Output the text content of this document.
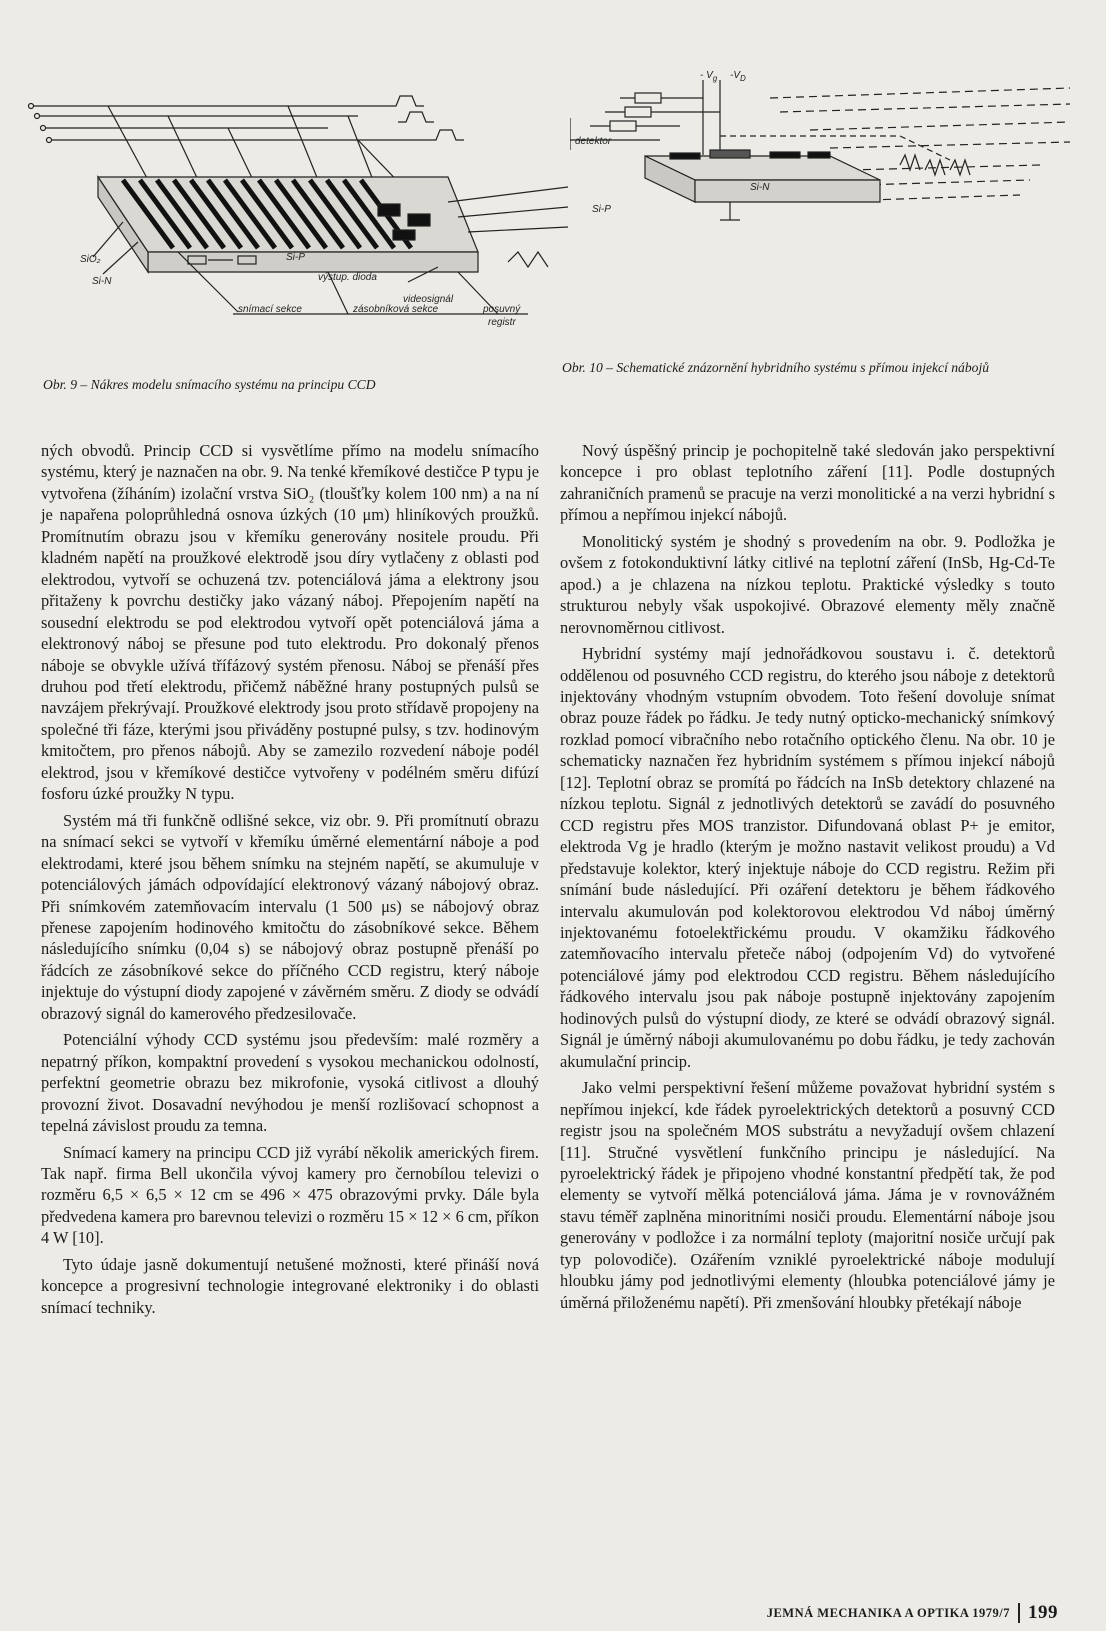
SiO₂
Si-N
Si-P
výstup. dioda
videosignál
snímací sekce	zásobníková sekce	posuvný
registr
Obr. 9 – Nákres modelu snímacího systému na principu CCD
- $V_g$ $-V_D$
detektor
Si-N
Si-P
Obr. 10 – Schematické znázornění hybridního systému s přímou injekcí nábojů

ných obvodů. Princip CCD si vysvětlíme přímo na modelu snímacího systému, který je naznačen na obr. 9. Na tenké křemíkové destičce P typu je vytvořena (žíháním) izolační vrstva SiO₂ (tloušťky kolem 100 nm) a na ní je napařena poloprůhledná osnova úzkých (10 μm) hliníkových proužků. Promítnutím obrazu jsou v křemíku generovány nositele proudu. Při kladném napětí na proužkové elektrodě jsou díry vytlačeny z oblasti pod elektrodou, vytvoří se ochuzená tzv. potenciálová jáma a elektrony jsou přitaženy k povrchu destičky jako vázaný náboj. Přepojením napětí na sousední elektrodu se pod elektrodou vytvoří opět potenciálová jáma a elektronový náboj se přesune pod tuto elektrodu. Pro dokonalý přenos náboje se obvykle užívá třífázový systém přenosu. Náboj se přenáší přes druhou pod třetí elektrodu, přičemž náběžné hrany postupných pulsů se navzájem překrývají. Proužkové elektrody jsou proto střídavě propojeny na společné tři fáze, kterými jsou přiváděny postupné pulsy, s tzv. hodinovým kmitočtem, pro přenos nábojů. Aby se zamezilo rozvedení náboje podél elektrod, jsou v křemíkové destičce vytvořeny v podélném směru difúzí fosforu úzké proužky N typu.

Systém má tři funkčně odlišné sekce, viz obr. 9. Při promítnutí obrazu na snímací sekci se vytvoří v křemíku úměrné elementární náboje a pod elektrodami, které jsou během snímku na stejném napětí, se akumuluje v potenciálových jámách odpovídající elektronový vázaný nábojový obraz. Při snímkovém zatemňovacím intervalu (1 500 μs) se nábojový obraz přenese zapojením hodinového kmitočtu do zásobníkové sekce. Během následujícího snímku (0,04 s) se nábojový obraz postupně přenáší po řádcích ze zásobníkové sekce do příčného CCD registru, který náboje injektuje do výstupní diody zapojené v závěrném směru. Z diody se odvádí obrazový signál do kamerového předzesilovače.

Potenciální výhody CCD systému jsou především: malé rozměry a nepatrný příkon, kompaktní provedení s vysokou mechanickou odolností, perfektní geometrie obrazu bez mikrofonie, vysoká citlivost a dlouhý provozní život. Dosavadní nevýhodou je menší rozlišovací schopnost a tepelná závislost proudu za temna.

Snímací kamery na principu CCD již vyrábí několik amerických firem. Tak např. firma Bell ukončila vývoj kamery pro černobílou televizi o rozměru 6,5 × 6,5 × 12 cm se 496 × 475 obrazovými prvky. Dále byla předvedena kamera pro barevnou televizi o rozměru 15 × 12 × 6 cm, příkon 4 W [10].

Tyto údaje jasně dokumentují netušené možnosti, které přináší nová koncepce a progresivní technologie integrované elektroniky i do oblasti snímací techniky.

Nový úspěšný princip je pochopitelně také sledován jako perspektivní koncepce i pro oblast teplotního záření [11]. Podle dostupných zahraničních pramenů se pracuje na verzi monolitické a na verzi hybridní s přímou a nepřímou injekcí nábojů.

Monolitický systém je shodný s provedením na obr. 9. Podložka je ovšem z fotokonduktivní látky citlivé na teplotní záření (InSb, Hg-Cd-Te apod.) a je chlazena na nízkou teplotu. Praktické výsledky s touto strukturou nebyly však uspokojivé. Obrazové elementy měly značně nerovnoměrnou citlivost.

Hybridní systémy mají jednořádkovou soustavu i. č. detektorů oddělenou od posuvného CCD registru, do kterého jsou náboje z detektorů injektovány vhodným vstupním obvodem. Toto řešení dovoluje snímat obraz pouze řádek po řádku. Je tedy nutný opticko-mechanický snímkový rozklad pomocí vibračního nebo rotačního optického členu. Na obr. 10 je schematicky naznačen řez hybridním systémem s přímou injekcí nábojů [12]. Teplotní obraz se promítá po řádcích na InSb detektory chlazené na nízkou teplotu. Signál z jednotlivých detektorů se zavádí do posuvného CCD registru přes MOS tranzistor. Difundovaná oblast P+ je emitor, elektroda Vg je hradlo (kterým je možno nastavit velikost proudu) a Vd představuje kolektor, který injektuje náboje do CCD registru. Režim při snímání bude následující. Při ozáření detektoru je během řádkového intervalu akumulován pod kolektorovou elektrodou Vd náboj úměrný injektovanému fotoelektřickému proudu. V okamžiku řádkového zatemňovacího intervalu přeteče náboj (odpojením Vd) do vytvořené potenciálové jámy pod elektrodou CCD registru. Během následujícího řádkového intervalu jsou pak náboje postupně injektovány zapojením hodinových pulsů do výstupní diody, ze které se odvádí obrazový signál. Signál je úměrný náboji akumulovanému po dobu řádku, je tedy zachován akumulační princip.

Jako velmi perspektivní řešení můžeme považovat hybridní systém s nepřímou injekcí, kde řádek pyroelektrických detektorů a posuvný CCD registr jsou na společném MOS substrátu a nevyžadují ovšem chlazení [11]. Stručné vysvětlení funkčního principu je následující. Na pyroelektrický řádek je připojeno vhodné konstantní předpětí tak, že pod elementy se vytvoří mělká potenciálová jáma. Jáma je v rovnovážném stavu téměř zaplněna minoritními nosiči proudu. Elementární náboje jsou generovány v podložce i za normální teploty (majoritní nosiče určují pak typ polovodiče). Ozářením vzniklé pyroelektrické náboje modulují hloubku jámy pod jednotlivými elementy (hloubka potenciálové jámy je úměrná přiloženému napětí). Při zmenšování hloubky přetékají náboje

JEMNÁ MECHANIKA A OPTIKA 1979/7 199
